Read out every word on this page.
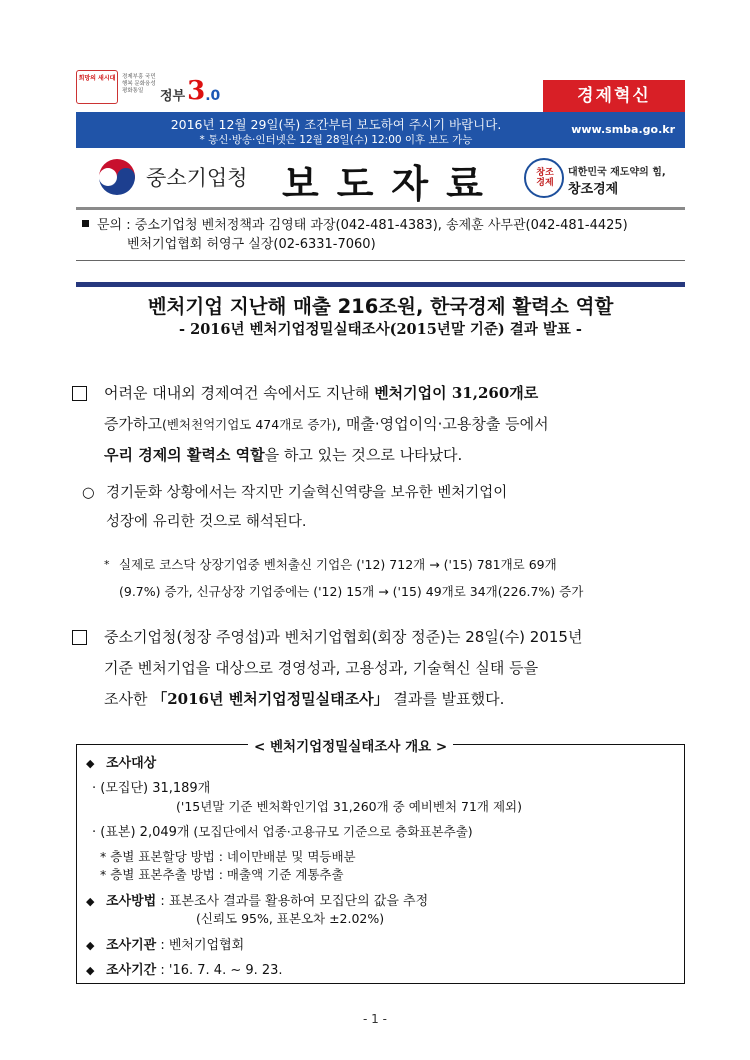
희망의 새시대	경제부흥 국민행복 문화융성 평화통일	정부 3 .0	경제혁신
2016년 12월 29일(목) 조간부터 보도하여 주시기 바랍니다.
* 통신·방송·인터넷은 12월 28일(수) 12:00 이후 보도 가능
www.smba.go.kr
중소기업청 보도자료	창조경제
대한민국 재도약의 힘,
창조경제
문의 : 중소기업청 벤처정책과 김영태 과장(042-481-4383), 송제훈 사무관(042-481-4425)
벤처기업협회 허영구 실장(02-6331-7060)
벤처기업 지난해 매출 216조원, 한국경제 활력소 역할
- 2016년 벤처기업정밀실태조사(2015년말 기준) 결과 발표 -
어려운 대내외 경제여건 속에서도 지난해 벤처기업이 31,260개로
증가하고(벤처천억기업도 474개로 증가), 매출·영업이익·고용창출 등에서
우리 경제의 활력소 역할을 하고 있는 것으로 나타났다.
○ 경기둔화 상황에서는 작지만 기술혁신역량을 보유한 벤처기업이
성장에 유리한 것으로 해석된다.
* 실제로 코스닥 상장기업중 벤처출신 기업은 ('12) 712개 → ('15) 781개로 69개
(9.7%) 증가, 신규상장 기업중에는 ('12) 15개 → ('15) 49개로 34개(226.7%) 증가
중소기업청(청장 주영섭)과 벤처기업협회(회장 정준)는 28일(수) 2015년
기준 벤처기업을 대상으로 경영성과, 고용성과, 기술혁신 실태 등을
조사한 「2016년 벤처기업정밀실태조사」 결과를 발표했다.
< 벤처기업정밀실태조사 개요 >
◆ 조사대상
· (모집단) 31,189개
('15년말 기준 벤처확인기업 31,260개 중 예비벤처 71개 제외)
· (표본) 2,049개 (모집단에서 업종·고용규모 기준으로 층화표본추출)
* 층별 표본할당 방법 : 네이만배분 및 멱등배분
* 층별 표본추출 방법 : 매출액 기준 계통추출
◆ 조사방법 : 표본조사 결과를 활용하여 모집단의 값을 추정
(신뢰도 95%, 표본오차 ±2.02%)
◆ 조사기관 : 벤처기업협회
◆ 조사기간 : '16. 7. 4. ~ 9. 23.
- 1 -
